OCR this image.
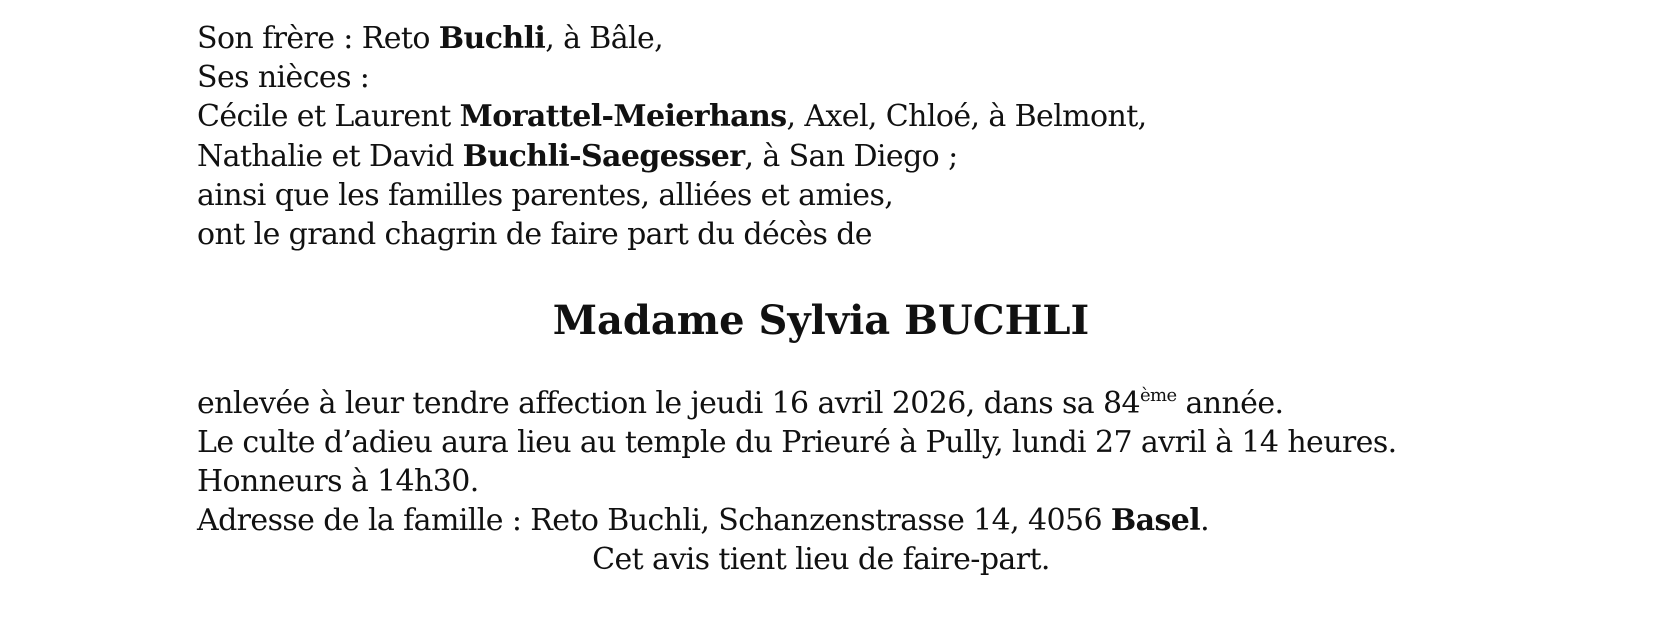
Son frère : Reto Buchli, à Bâle,
Ses nièces :
Cécile et Laurent Morattel-Meierhans, Axel, Chloé, à Belmont,
Nathalie et David Buchli-Saegesser, à San Diego ;
ainsi que les familles parentes, alliées et amies,
ont le grand chagrin de faire part du décès de
Madame Sylvia BUCHLI
enlevée à leur tendre affection le jeudi 16 avril 2026, dans sa 84ème année.
Le culte d’adieu aura lieu au temple du Prieuré à Pully, lundi 27 avril à 14 heures.
Honneurs à 14h30.
Adresse de la famille : Reto Buchli, Schanzenstrasse 14, 4056 Basel.
Cet avis tient lieu de faire-part.
